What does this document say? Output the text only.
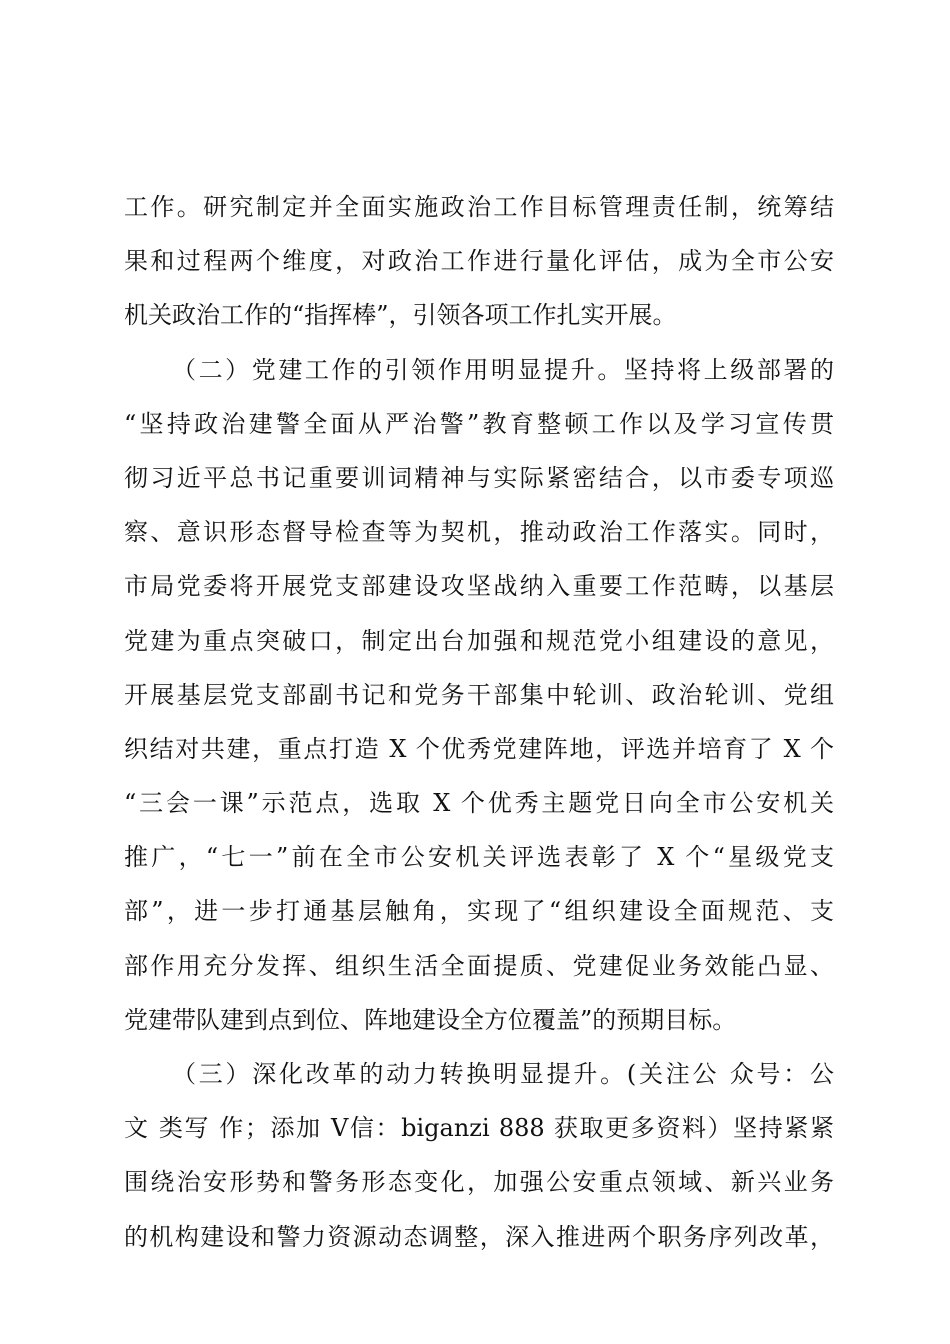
工作。研究制定并全面实施政治工作目标管理责任制，统筹结
果和过程两个维度，对政治工作进行量化评估，成为全市公安
机关政治工作的“指挥棒”，引领各项工作扎实开展。
（二）党建工作的引领作用明显提升。坚持将上级部署的
“坚持政治建警全面从严治警”教育整顿工作以及学习宣传贯
彻习近平总书记重要训词精神与实际紧密结合，以市委专项巡
察、意识形态督导检查等为契机，推动政治工作落实。同时，
市局党委将开展党支部建设攻坚战纳入重要工作范畴，以基层
党建为重点突破口，制定出台加强和规范党小组建设的意见，
开展基层党支部副书记和党务干部集中轮训、政治轮训、党组
织结对共建，重点打造 X 个优秀党建阵地，评选并培育了 X 个
“三会一课”示范点，选取 X 个优秀主题党日向全市公安机关
推广，“七一”前在全市公安机关评选表彰了 X 个“星级党支
部”，进一步打通基层触角，实现了“组织建设全面规范、支
部作用充分发挥、组织生活全面提质、党建促业务效能凸显、
党建带队建到点到位、阵地建设全方位覆盖”的预期目标。
（三）深化改革的动力转换明显提升。(关注公 众号：公
文 类写 作；添加 V信：biganzi 888 获取更多资料）坚持紧紧
围绕治安形势和警务形态变化，加强公安重点领域、新兴业务
的机构建设和警力资源动态调整，深入推进两个职务序列改革，
